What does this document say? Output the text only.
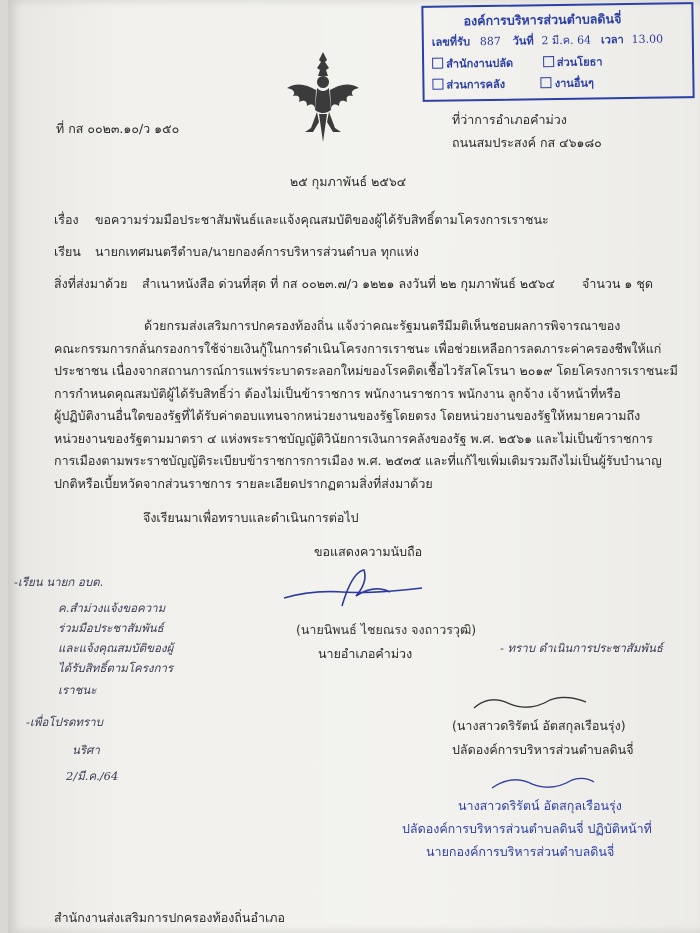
องค์การบริหารส่วนตำบลดินจี่
เลขที่รับ 887 วันที่ 2 มี.ค. 64 เวลา 13.00
สำนักงานปลัด	ส่วนโยธา
ส่วนการคลัง	งานอื่นๆ
ที่ กส ๐๐๒๓.๑๐/ว ๑๕๐
ที่ว่าการอำเภอคำม่วง
ถนนสมประสงค์ กส ๔๖๑๘๐
๒๕ กุมภาพันธ์ ๒๕๖๔
เรื่อง ขอความร่วมมือประชาสัมพันธ์และแจ้งคุณสมบัติของผู้ได้รับสิทธิ์ตามโครงการเราชนะ
เรียน นายกเทศมนตรีตำบล/นายกองค์การบริหารส่วนตำบล ทุกแห่ง
สิ่งที่ส่งมาด้วย สำเนาหนังสือ ด่วนที่สุด ที่ กส ๐๐๒๓.๗/ว ๑๒๒๑ ลงวันที่ ๒๒ กุมภาพันธ์ ๒๕๖๔ จำนวน ๑ ชุด
ด้วยกรมส่งเสริมการปกครองท้องถิ่น แจ้งว่าคณะรัฐมนตรีมีมติเห็นชอบผลการพิจารณาของ
คณะกรรมการกลั่นกรองการใช้จ่ายเงินกู้ในการดำเนินโครงการเราชนะ เพื่อช่วยเหลือการลดภาระค่าครองชีพให้แก่
ประชาชน เนื่องจากสถานการณ์การแพร่ระบาดระลอกใหม่ของโรคติดเชื้อไวรัสโคโรนา ๒๐๑๙ โดยโครงการเราชนะมี
การกำหนดคุณสมบัติผู้ได้รับสิทธิ์ว่า ต้องไม่เป็นข้าราชการ พนักงานราชการ พนักงาน ลูกจ้าง เจ้าหน้าที่หรือ
ผู้ปฏิบัติงานอื่นใดของรัฐที่ได้รับค่าตอบแทนจากหน่วยงานของรัฐโดยตรง โดยหน่วยงานของรัฐให้หมายความถึง
หน่วยงานของรัฐตามมาตรา ๔ แห่งพระราชบัญญัติวินัยการเงินการคลังของรัฐ พ.ศ. ๒๕๖๑ และไม่เป็นข้าราชการ
การเมืองตามพระราชบัญญัติระเบียบข้าราชการการเมือง พ.ศ. ๒๕๓๕ และที่แก้ไขเพิ่มเติมรวมถึงไม่เป็นผู้รับบำนาญ
ปกติหรือเบี้ยหวัดจากส่วนราชการ รายละเอียดปรากฏตามสิ่งที่ส่งมาด้วย
จึงเรียนมาเพื่อทราบและดำเนินการต่อไป
ขอแสดงความนับถือ
(นายนิพนธ์ ไชยณรง จงถาวรวุฒิ)
นายอำเภอคำม่วง
-เรียน นายก อบต.
ค.สำม่วงแจ้งขอความ
ร่วมมือประชาสัมพันธ์
และแจ้งคุณสมบัติของผู้
ได้รับสิทธิ์ตามโครงการ
เราชนะ
-เพื่อโปรดทราบ
นริศา
2/มี.ค./64
- ทราบ ดำเนินการประชาสัมพันธ์
(นางสาวดริรัตน์ อัตสกุลเรือนรุ่ง)
ปลัดองค์การบริหารส่วนตำบลดินจี่
นางสาวดริรัตน์ อัตสกุลเรือนรุ่ง
ปลัดองค์การบริหารส่วนตำบลดินจี่ ปฏิบัติหน้าที่
นายกองค์การบริหารส่วนตำบลดินจี่
สำนักงานส่งเสริมการปกครองท้องถิ่นอำเภอ
